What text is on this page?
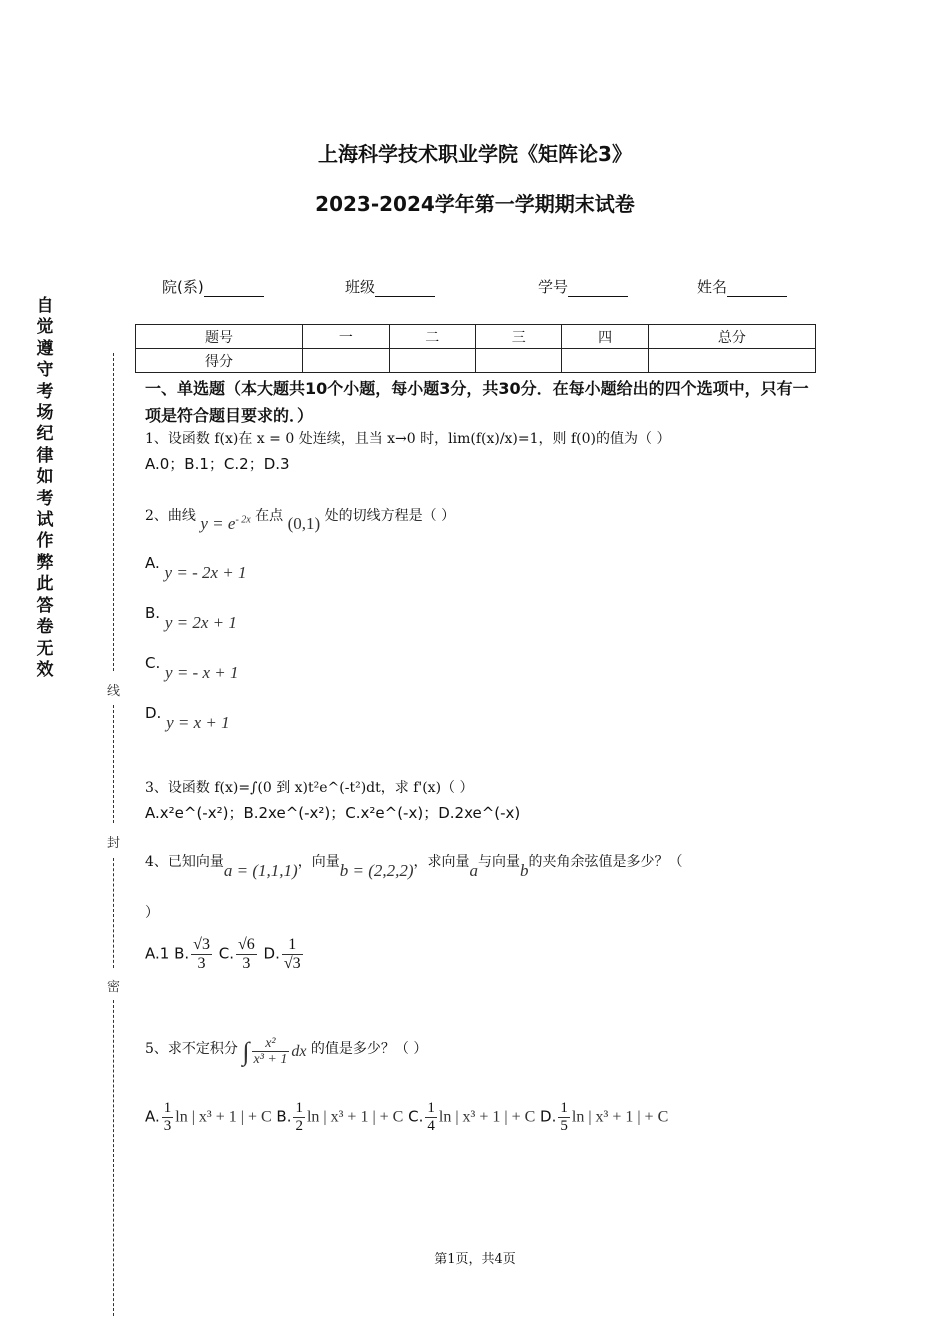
上海科学技术职业学院《矩阵论3》
2023-2024学年第一学期期末试卷
院(系)	班级	学号	姓名
题号	一	二	三	四	总分
得分					
自觉遵守考场纪律如考试作弊此答卷无效
线
封
密
一、单选题（本大题共10个小题，每小题3分，共30分．在每小题给出的四个选项中，只有一项是符合题目要求的．）
1、设函数 f(x)在 x = 0 处连续，且当 x→0 时，lim(f(x)/x)=1，则 f(0)的值为（ ）
A.0；B.1；C.2；D.3
2、曲线 $y = e^{- 2x}$ 在点 (0,1) 处的切线方程是（ ）
A. y = - 2x + 1
B. y = 2x + 1
C. y = - x + 1
D. y = x + 1
3、设函数 f(x)=∫(0 到 x)t²e^(-t²)dt，求 f'(x)（ ）
A.x²e^(-x²)；B.2xe^(-x²)；C.x²e^(-x)；D.2xe^(-x)
4、已知向量a = (1,1,1)，向量b = (2,2,2)，求向量a与向量b的夹角余弦值是多少？（
）
A.1 B. $\frac{√3}{3} C$. $\frac{√6}{3} D$. $\frac{1}{√3}$
5、求不定积分 ∫ $\frac{\text{x²}}{\text{x³ + 1}}$ dx 的值是多少？（ ）
A. $\frac{1}{3}$ ln | x³ + 1 | + C B. $\frac{1}{2}$ ln | x³ + 1 | + C C. $\frac{1}{4}$ ln | x³ + 1 | + C D. $\frac{1}{5}$ ln | x³ + 1 | + C
第1页，共4页
